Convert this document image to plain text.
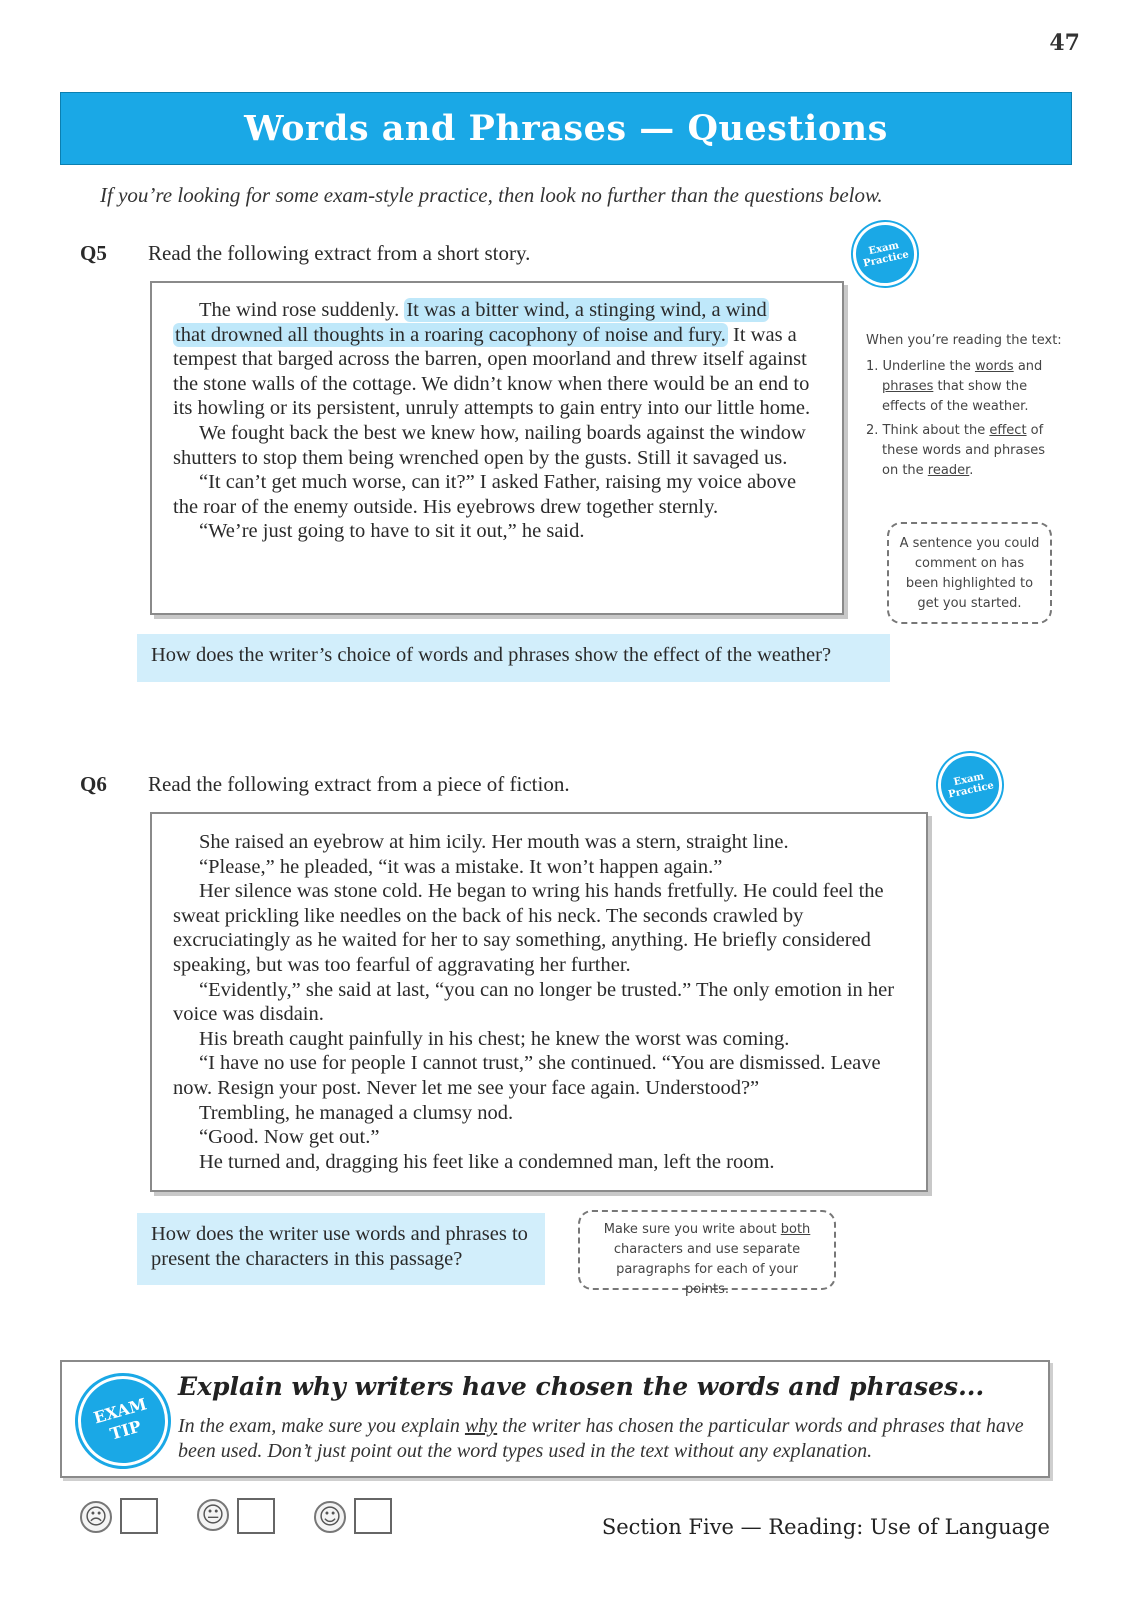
47
Words and Phrases — Questions
If you’re looking for some exam-style practice, then look no further than the questions below.
Q5 Read the following extract from a short story.	Exam
Practice

The wind rose suddenly. It was a bitter wind, a stinging wind, a wind

that drowned all thoughts in a roaring cacophony of noise and fury. It was a tempest that barged across the barren, open moorland and threw itself against the stone walls of the cottage. We didn’t know when there would be an end to its howling or its persistent, unruly attempts to gain entry into our little home.

We fought back the best we knew how, nailing boards against the window shutters to stop them being wrenched open by the gusts. Still it savaged us.

“It can’t get much worse, can it?” I asked Father, raising my voice above the roar of the enemy outside. His eyebrows drew together sternly.

“We’re just going to have to sit it out,” he said.

When you’re reading the text:
1. Underline the words and phrases that show the effects of the weather.
2. Think about the effect of these words and phrases on the reader.
A sentence you could comment on has been highlighted to get you started.
How does the writer’s choice of words and phrases show the effect of the weather?
Q6 Read the following extract from a piece of fiction.	Exam
Practice

She raised an eyebrow at him icily. Her mouth was a stern, straight line.

“Please,” he pleaded, “it was a mistake. It won’t happen again.”

Her silence was stone cold. He began to wring his hands fretfully. He could feel the sweat prickling like needles on the back of his neck. The seconds crawled by excruciatingly as he waited for her to say something, anything. He briefly considered speaking, but was too fearful of aggravating her further.

“Evidently,” she said at last, “you can no longer be trusted.” The only emotion in her voice was disdain.

His breath caught painfully in his chest; he knew the worst was coming.

“I have no use for people I cannot trust,” she continued. “You are dismissed. Leave now. Resign your post. Never let me see your face again. Understood?”

Trembling, he managed a clumsy nod.

“Good. Now get out.”

He turned and, dragging his feet like a condemned man, left the room.

How does the writer use words and phrases to present the characters in this passage?
Make sure you write about both characters and use separate paragraphs for each of your points.
EXAM
TIP
Explain why writers have chosen the words and phrases...
In the exam, make sure you explain why the writer has chosen the particular words and phrases that have been used. Don’t just point out the word types used in the text without any explanation.
☹	😐	☺	Section Five — Reading: Use of Language
